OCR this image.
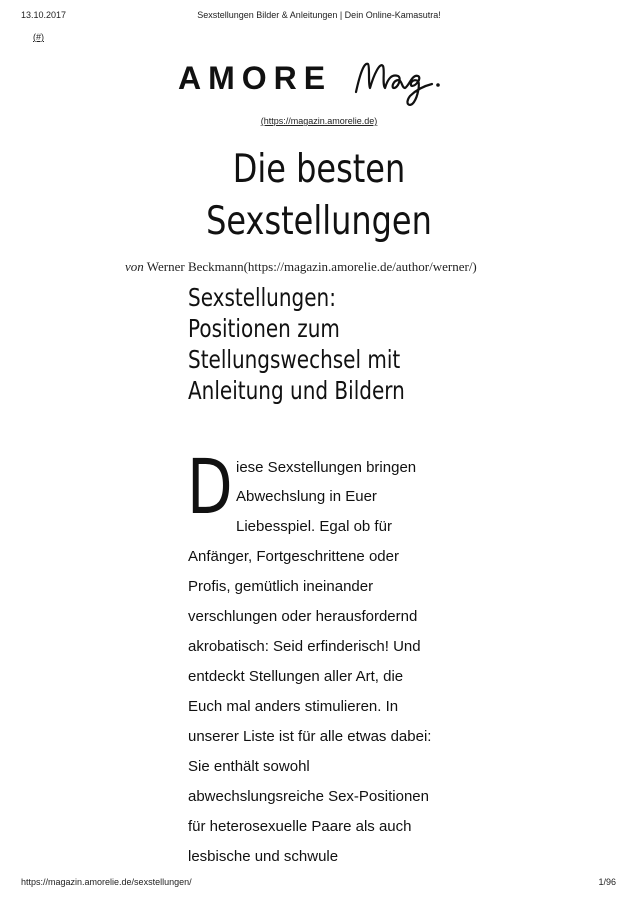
13.10.2017	Sexstellungen Bilder & Anleitungen | Dein Online-Kamasutra!
(#)
AMORE
(https://magazin.amorelie.de)
Die besten
Sexstellungen
von Werner Beckmann(https://magazin.amorelie.de/author/werner/)
Sexstellungen:
Positionen zum
Stellungswechsel mit
Anleitung und Bildern
D iese Sexstellungen bringen
Abwechslung in Euer
Liebesspiel. Egal ob für
Anfänger, Fortgeschrittene oder
Proﬁs, gemütlich ineinander
verschlungen oder herausfordernd
akrobatisch: Seid erﬁnderisch! Und
entdeckt Stellungen aller Art, die
Euch mal anders stimulieren. In
unserer Liste ist für alle etwas dabei:
Sie enthält sowohl
abwechslungsreiche Sex-Positionen
für heterosexuelle Paare als auch
lesbische und schwule
https://magazin.amorelie.de/sexstellungen/	1/96
